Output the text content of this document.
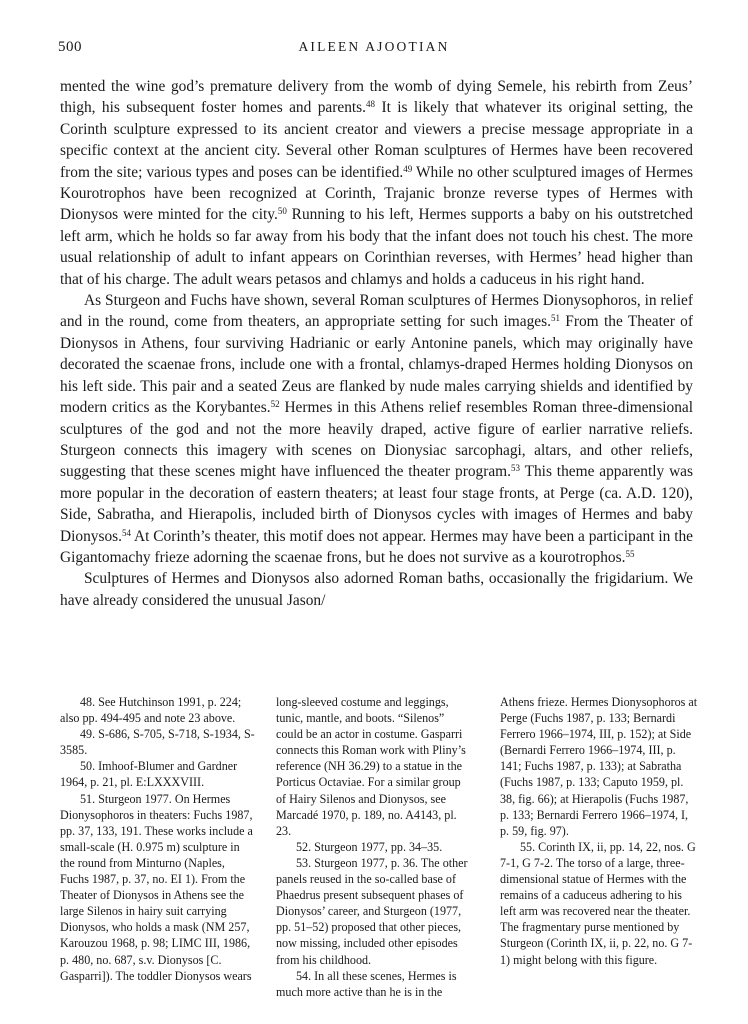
500	AILEEN AJOOTIAN

mented the wine god’s premature delivery from the womb of dying Semele, his rebirth from Zeus’ thigh, his subsequent foster homes and parents.$^{48}$ It is likely that whatever its original setting, the Corinth sculpture expressed to its ancient creator and viewers a precise message appropriate in a specific context at the ancient city. Several other Roman sculptures of Hermes have been recovered from the site; various types and poses can be identified.$^{49}$ While no other sculptured images of Hermes Kourotrophos have been recognized at Corinth, Trajanic bronze reverse types of Hermes with Dionysos were minted for the city.$^{50}$ Running to his left, Hermes supports a baby on his outstretched left arm, which he holds so far away from his body that the infant does not touch his chest. The more usual relationship of adult to infant appears on Corinthian reverses, with Hermes’ head higher than that of his charge. The adult wears petasos and chlamys and holds a caduceus in his right hand.

As Sturgeon and Fuchs have shown, several Roman sculptures of Hermes Dionysophoros, in relief and in the round, come from theaters, an appropriate setting for such images.$^{51}$ From the Theater of Dionysos in Athens, four surviving Hadrianic or early Antonine panels, which may originally have decorated the scaenae frons, include one with a frontal, chlamys-draped Hermes holding Dionysos on his left side. This pair and a seated Zeus are flanked by nude males carrying shields and identified by modern critics as the Korybantes.$^{52}$ Hermes in this Athens relief resembles Roman three-dimensional sculptures of the god and not the more heavily draped, active figure of earlier narrative reliefs. Sturgeon connects this imagery with scenes on Dionysiac sarcophagi, altars, and other reliefs, suggesting that these scenes might have influenced the theater program.$^{53}$ This theme apparently was more popular in the decoration of eastern theaters; at least four stage fronts, at Perge (ca. A.D. 120), Side, Sabratha, and Hierapolis, included birth of Dionysos cycles with images of Hermes and baby Dionysos.$^{54}$ At Corinth’s theater, this motif does not appear. Hermes may have been a participant in the Gigantomachy frieze adorning the scaenae frons, but he does not survive as a kourotrophos.$^{55}$

Sculptures of Hermes and Dionysos also adorned Roman baths, occasionally the frigidarium. We have already considered the unusual Jason/

48. See Hutchinson 1991, p. 224; also pp. 494-495 and note 23 above.

49. S-686, S-705, S-718, S-1934, S-3585.

50. Imhoof-Blumer and Gardner 1964, p. 21, pl. E:LXXXVIII.

51. Sturgeon 1977. On Hermes Dionysophoros in theaters: Fuchs 1987, pp. 37, 133, 191. These works include a small-scale (H. 0.975 m) sculpture in the round from Minturno (Naples, Fuchs 1987, p. 37, no. EI 1). From the Theater of Dionysos in Athens see the large Silenos in hairy suit carrying Dionysos, who holds a mask (NM 257, Karouzou 1968, p. 98; LIMC III, 1986, p. 480, no. 687, s.v. Dionysos [C. Gasparri]). The toddler Dionysos wears

long-sleeved costume and leggings, tunic, mantle, and boots. “Silenos” could be an actor in costume. Gasparri connects this Roman work with Pliny’s reference (NH 36.29) to a statue in the Porticus Octaviae. For a similar group of Hairy Silenos and Dionysos, see Marcadé 1970, p. 189, no. A4143, pl. 23.

52. Sturgeon 1977, pp. 34–35.

53. Sturgeon 1977, p. 36. The other panels reused in the so-called base of Phaedrus present subsequent phases of Dionysos’ career, and Sturgeon (1977, pp. 51–52) proposed that other pieces, now missing, included other episodes from his childhood.

54. In all these scenes, Hermes is much more active than he is in the

Athens frieze. Hermes Dionysophoros at Perge (Fuchs 1987, p. 133; Bernardi Ferrero 1966–1974, III, p. 152); at Side (Bernardi Ferrero 1966–1974, III, p. 141; Fuchs 1987, p. 133); at Sabratha (Fuchs 1987, p. 133; Caputo 1959, pl. 38, fig. 66); at Hierapolis (Fuchs 1987, p. 133; Bernardi Ferrero 1966–1974, I, p. 59, fig. 97).

55. Corinth IX, ii, pp. 14, 22, nos. G 7-1, G 7-2. The torso of a large, three-dimensional statue of Hermes with the remains of a caduceus adhering to his left arm was recovered near the theater. The fragmentary purse mentioned by Sturgeon (Corinth IX, ii, p. 22, no. G 7-1) might belong with this figure.
